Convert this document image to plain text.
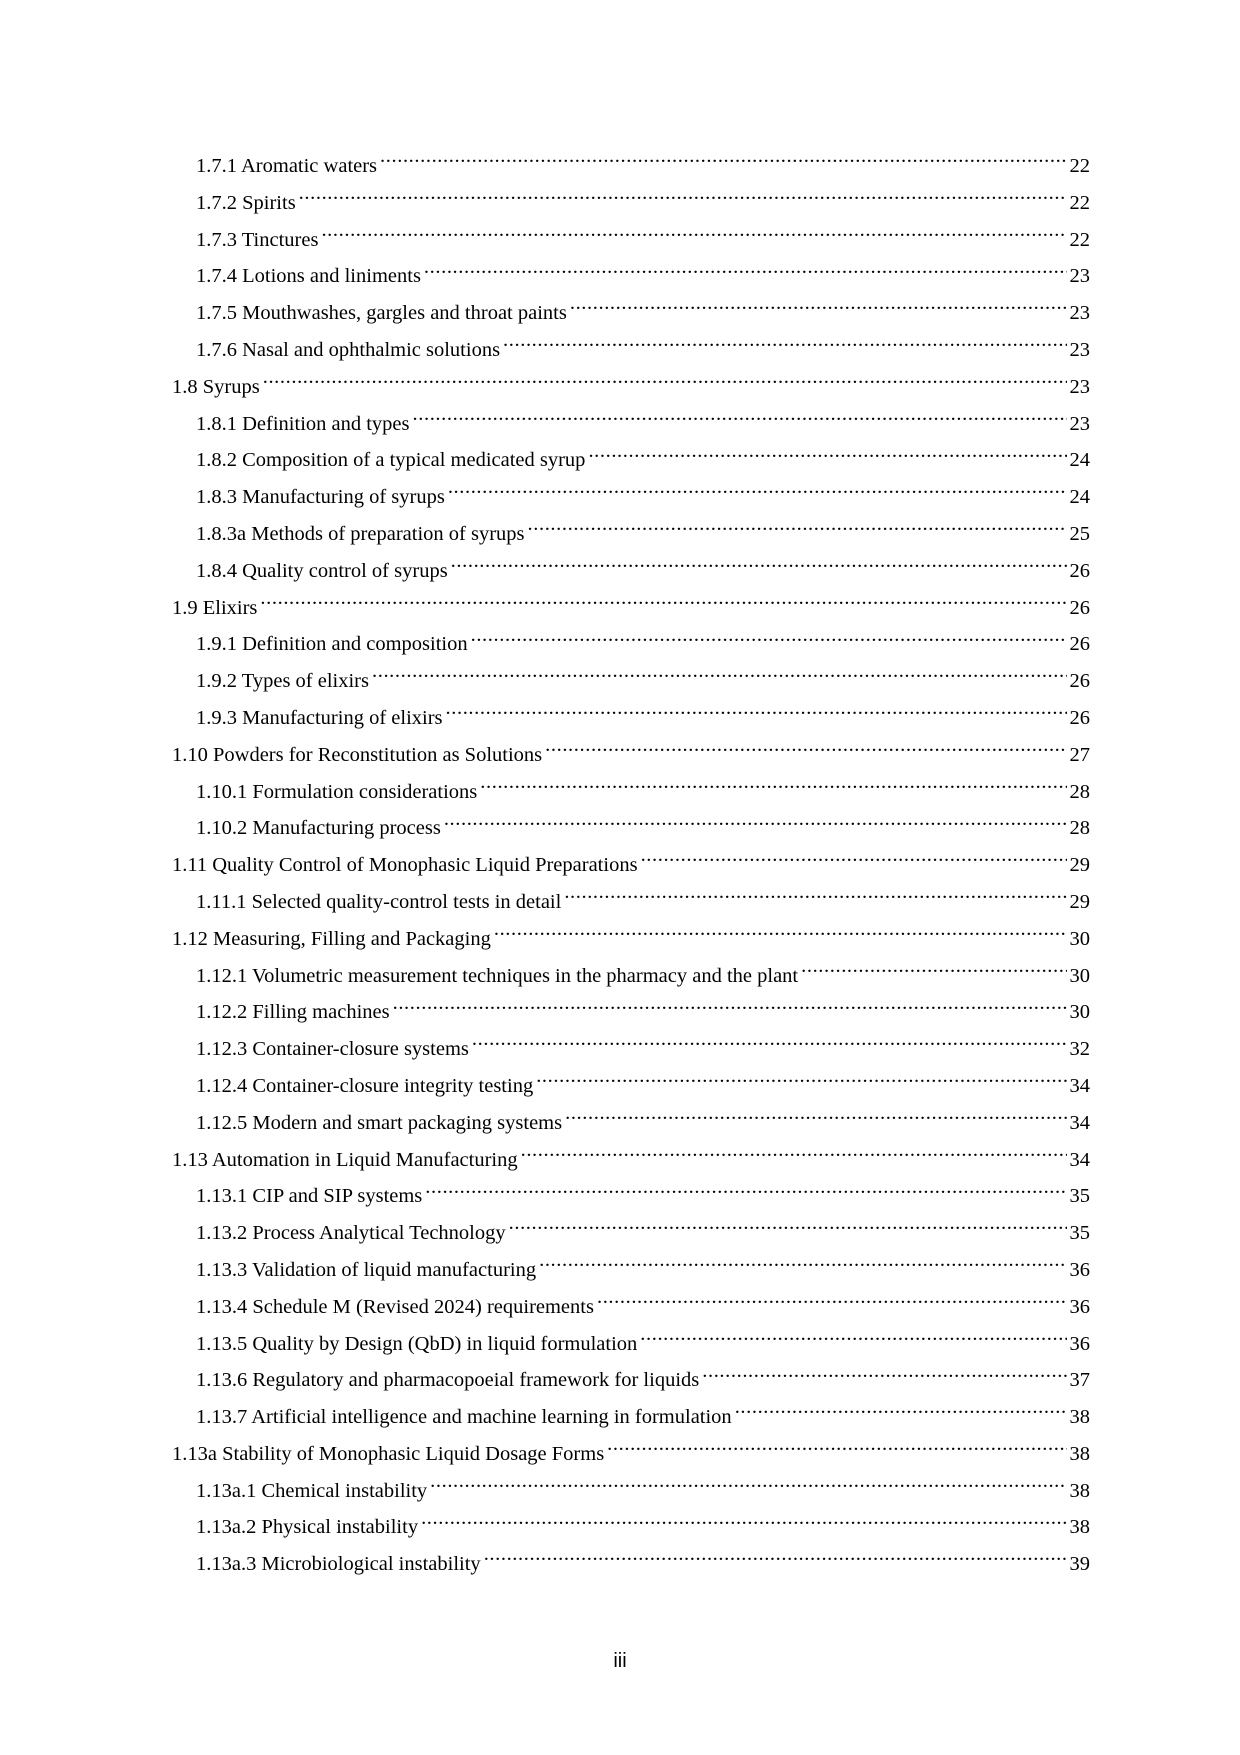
1.7.1 Aromatic waters .....	22
1.7.2 Spirits .....	22
1.7.3 Tinctures .....	22
1.7.4 Lotions and liniments .....	23
1.7.5 Mouthwashes, gargles and throat paints .....	23
1.7.6 Nasal and ophthalmic solutions .....	23
1.8 Syrups .....	23
1.8.1 Definition and types .....	23
1.8.2 Composition of a typical medicated syrup .....	24
1.8.3 Manufacturing of syrups .....	24
1.8.3a Methods of preparation of syrups .....	25
1.8.4 Quality control of syrups .....	26
1.9 Elixirs .....	26
1.9.1 Definition and composition .....	26
1.9.2 Types of elixirs .....	26
1.9.3 Manufacturing of elixirs .....	26
1.10 Powders for Reconstitution as Solutions .....	27
1.10.1 Formulation considerations .....	28
1.10.2 Manufacturing process .....	28
1.11 Quality Control of Monophasic Liquid Preparations .....	29
1.11.1 Selected quality-control tests in detail .....	29
1.12 Measuring, Filling and Packaging .....	30
1.12.1 Volumetric measurement techniques in the pharmacy and the plant .....	30
1.12.2 Filling machines .....	30
1.12.3 Container-closure systems .....	32
1.12.4 Container-closure integrity testing .....	34
1.12.5 Modern and smart packaging systems .....	34
1.13 Automation in Liquid Manufacturing .....	34
1.13.1 CIP and SIP systems .....	35
1.13.2 Process Analytical Technology .....	35
1.13.3 Validation of liquid manufacturing .....	36
1.13.4 Schedule M (Revised 2024) requirements .....	36
1.13.5 Quality by Design (QbD) in liquid formulation .....	36
1.13.6 Regulatory and pharmacopoeial framework for liquids .....	37
1.13.7 Artificial intelligence and machine learning in formulation .....	38
1.13a Stability of Monophasic Liquid Dosage Forms .....	38
1.13a.1 Chemical instability .....	38
1.13a.2 Physical instability .....	38
1.13a.3 Microbiological instability .....	39
iii
